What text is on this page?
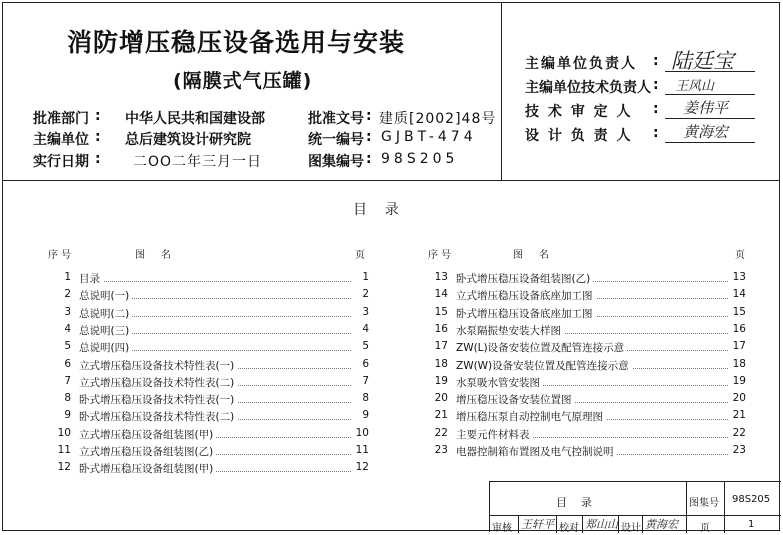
消防增压稳压设备选用与安装
(隔膜式气压罐)
批准部门 : 中华人民共和国建设部
主编单位 : 总后建筑设计研究院
实行日期 : 二OO二年三月一日
批准文号 : 建质[2002]48号
统一编号 : GJBT-474
图集编号 : 98S205
主编单位负责人 : 陆廷宝
主编单位技术负责人 : 王风山
技 术 审 定 人 : 姜伟平
设 计 负 责 人 : 黄海宏
目    录
序 号	图     名	页	序 号	图     名	页
1 目录	1
2 总说明(一)	2
3 总说明(二)	3
4 总说明(三)	4
5 总说明(四)	5
6 立式增压稳压设备技术特性表(一)	6
7 立式增压稳压设备技术特性表(二)	7
8 卧式增压稳压设备技术特性表(一)	8
9 卧式增压稳压设备技术特性表(二)	9
10 立式增压稳压设备组装图(甲)	10
11 立式增压稳压设备组装图(乙)	11
12 卧式增压稳压设备组装图(甲)	12
13 卧式增压稳压设备组装图(乙)	13
14 立式增压稳压设备底座加工图	14
15 卧式增压稳压设备底座加工图	15
16 水泵隔振垫安装大样图	16
17 ZW(L)设备安装位置及配管连接示意	17
18 ZW(W)设备安装位置及配管连接示意	18
19 水泵吸水管安装图	19
20 增压稳压设备安装位置图	20
21 增压稳压泵自动控制电气原理图	21
22 主要元件材料表	22
23 电器控制箱布置图及电气控制说明	23
目    录	图集号 98S205
审核 王轩平 校对 郑山山 设计 黄海宏 页	1
